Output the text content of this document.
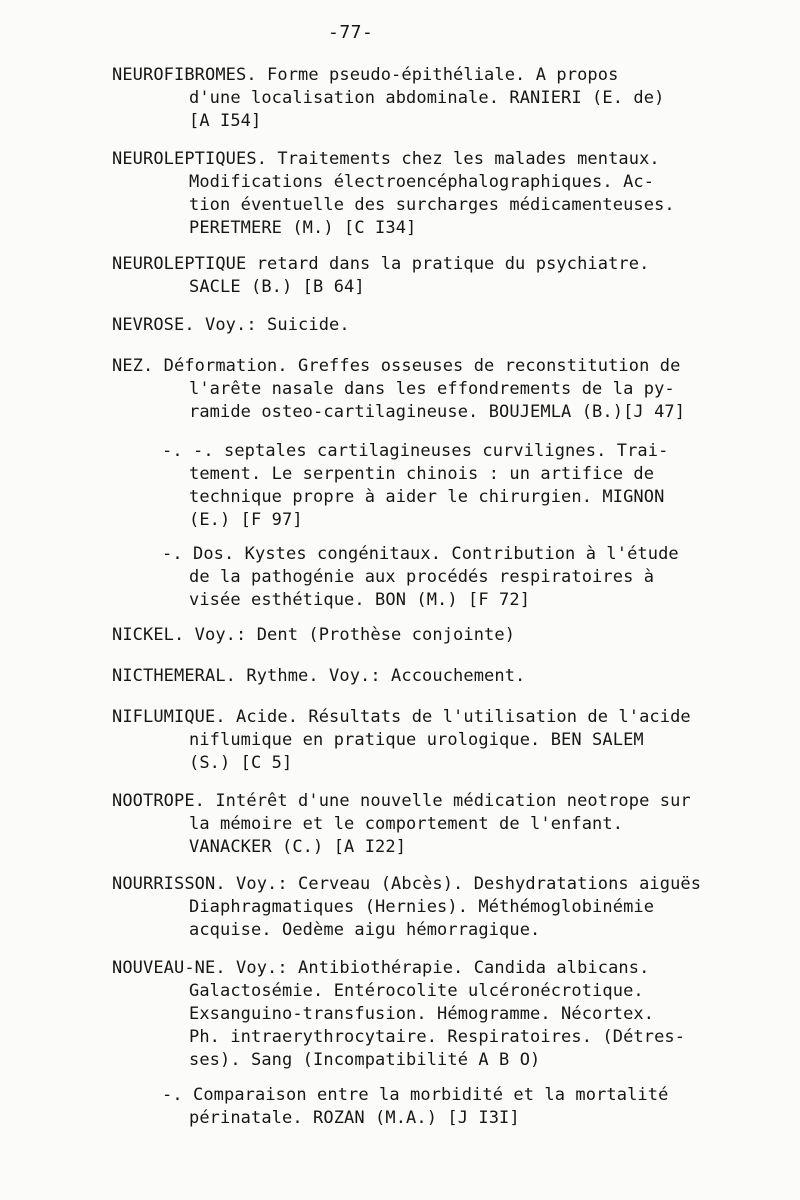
-77-
NEUROFIBROMES. Forme pseudo-épithéliale. A propos
d'une localisation abdominale. RANIERI (E. de)
[A I54]
NEUROLEPTIQUES. Traitements chez les malades mentaux.
Modifications électroencéphalographiques. Ac-
tion éventuelle des surcharges médicamenteuses.
PERETMERE (M.) [C I34]
NEUROLEPTIQUE retard dans la pratique du psychiatre.
SACLE (B.) [B 64]
NEVROSE. Voy.: Suicide.
NEZ. Déformation. Greffes osseuses de reconstitution de
l'arête nasale dans les effondrements de la py-
ramide osteo-cartilagineuse. BOUJEMLA (B.)[J 47]
-. -. septales cartilagineuses curvilignes. Trai-
tement. Le serpentin chinois : un artifice de
technique propre à aider le chirurgien. MIGNON
(E.) [F 97]
-. Dos. Kystes congénitaux. Contribution à l'étude
de la pathogénie aux procédés respiratoires à
visée esthétique. BON (M.) [F 72]
NICKEL. Voy.: Dent (Prothèse conjointe)
NICTHEMERAL. Rythme. Voy.: Accouchement.
NIFLUMIQUE. Acide. Résultats de l'utilisation de l'acide
niflumique en pratique urologique. BEN SALEM
(S.) [C 5]
NOOTROPE. Intérêt d'une nouvelle médication neotrope sur
la mémoire et le comportement de l'enfant.
VANACKER (C.) [A I22]
NOURRISSON. Voy.: Cerveau (Abcès). Deshydratations aiguës
Diaphragmatiques (Hernies). Méthémoglobinémie
acquise. Oedème aigu hémorragique.
NOUVEAU-NE. Voy.: Antibiothérapie. Candida albicans.
Galactosémie. Entérocolite ulcéronécrotique.
Exsanguino-transfusion. Hémogramme. Nécortex.
Ph. intraerythrocytaire. Respiratoires. (Détres-
ses). Sang (Incompatibilité A B O)
-. Comparaison entre la morbidité et la mortalité
périnatale. ROZAN (M.A.) [J I3I]
